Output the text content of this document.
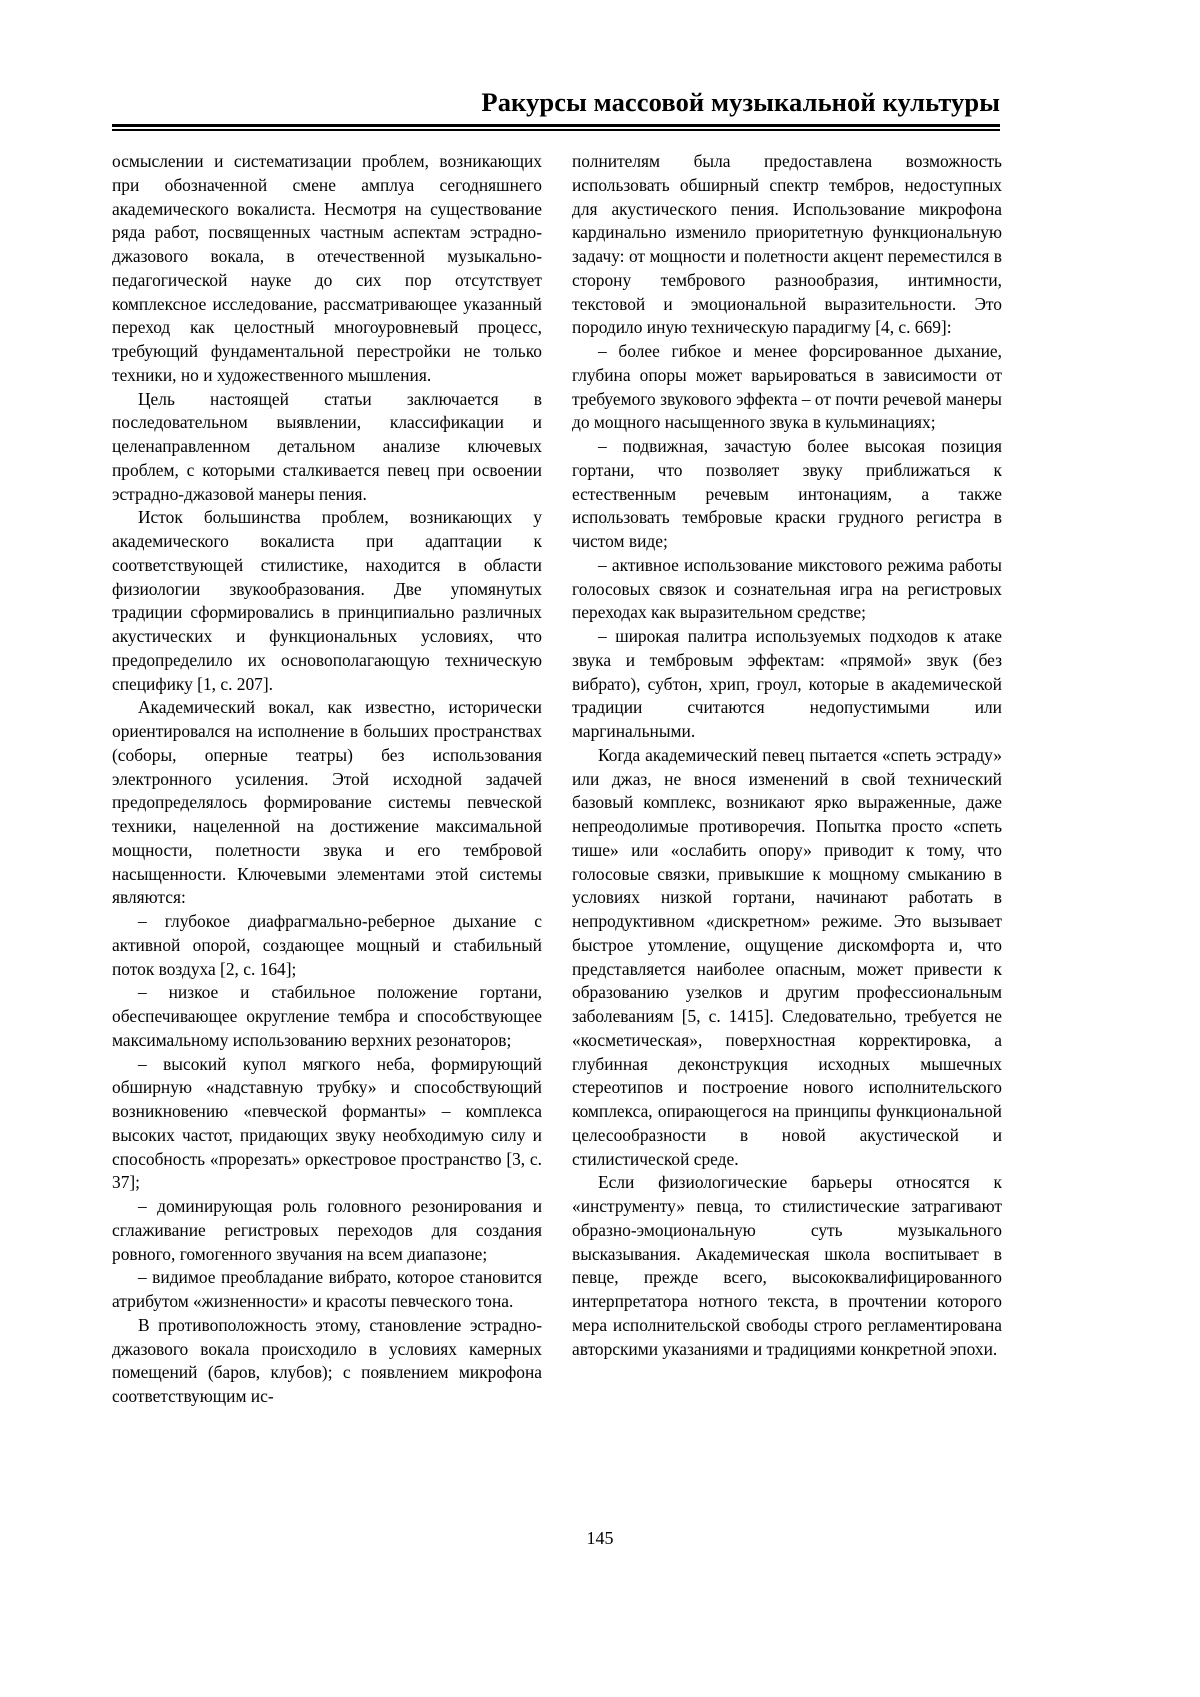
Ракурсы массовой музыкальной культуры

осмыслении и систематизации проблем, возникающих при обозначенной смене амплуа сегодняшнего академического вокалиста. Несмотря на существование ряда работ, посвященных частным аспектам эстрадно-джазового вокала, в отечественной музыкально-педагогической науке до сих пор отсутствует комплексное исследование, рассматривающее указанный переход как целостный многоуровневый процесс, требующий фундаментальной перестройки не только техники, но и художественного мышления.

Цель настоящей статьи заключается в последовательном выявлении, классификации и целенаправленном детальном анализе ключевых проблем, с которыми сталкивается певец при освоении эстрадно-джазовой манеры пения.

Исток большинства проблем, возникающих у академического вокалиста при адаптации к соответствующей стилистике, находится в области физиологии звукообразования. Две упомянутых традиции сформировались в принципиально различных акустических и функциональных условиях, что предопределило их основополагающую техническую специфику [1, с. 207].

Академический вокал, как известно, исторически ориентировался на исполнение в больших пространствах (соборы, оперные театры) без использования электронного усиления. Этой исходной задачей предопределялось формирование системы певческой техники, нацеленной на достижение максимальной мощности, полетности звука и его тембровой насыщенности. Ключевыми элементами этой системы являются:

– глубокое диафрагмально-реберное дыхание с активной опорой, создающее мощный и стабильный поток воздуха [2, с. 164];

– низкое и стабильное положение гортани, обеспечивающее округление тембра и способствующее максимальному использованию верхних резонаторов;

– высокий купол мягкого неба, формирующий обширную «надставную трубку» и способствующий возникновению «певческой форманты» – комплекса высоких частот, придающих звуку необходимую силу и способность «прорезать» оркестровое пространство [3, с. 37];

– доминирующая роль головного резонирования и сглаживание регистровых переходов для создания ровного, гомогенного звучания на всем диапазоне;

– видимое преобладание вибрато, которое становится атрибутом «жизненности» и красоты певческого тона.

В противоположность этому, становление эстрадно-джазового вокала происходило в условиях камерных помещений (баров, клубов); с появлением микрофона соответствующим ис-

полнителям была предоставлена возможность использовать обширный спектр тембров, недоступных для акустического пения. Использование микрофона кардинально изменило приоритетную функциональную задачу: от мощности и полетности акцент переместился в сторону тембрового разнообразия, интимности, текстовой и эмоциональной выразительности. Это породило иную техническую парадигму [4, с. 669]:

– более гибкое и менее форсированное дыхание, глубина опоры может варьироваться в зависимости от требуемого звукового эффекта – от почти речевой манеры до мощного насыщенного звука в кульминациях;

– подвижная, зачастую более высокая позиция гортани, что позволяет звуку приближаться к естественным речевым интонациям, а также использовать тембровые краски грудного регистра в чистом виде;

– активное использование микстового режима работы голосовых связок и сознательная игра на регистровых переходах как выразительном средстве;

– широкая палитра используемых подходов к атаке звука и тембровым эффектам: «прямой» звук (без вибрато), субтон, хрип, гроул, которые в академической традиции считаются недопустимыми или маргинальными.

Когда академический певец пытается «спеть эстраду» или джаз, не внося изменений в свой технический базовый комплекс, возникают ярко выраженные, даже непреодолимые противоречия. Попытка просто «спеть тише» или «ослабить опору» приводит к тому, что голосовые связки, привыкшие к мощному смыканию в условиях низкой гортани, начинают работать в непродуктивном «дискретном» режиме. Это вызывает быстрое утомление, ощущение дискомфорта и, что представляется наиболее опасным, может привести к образованию узелков и другим профессиональным заболеваниям [5, с. 1415]. Следовательно, требуется не «косметическая», поверхностная корректировка, а глубинная деконструкция исходных мышечных стереотипов и построение нового исполнительского комплекса, опирающегося на принципы функциональной целесообразности в новой акустической и стилистической среде.

Если физиологические барьеры относятся к «инструменту» певца, то стилистические затрагивают образно-эмоциональную суть музыкального высказывания. Академическая школа воспитывает в певце, прежде всего, высококвалифицированного интерпретатора нотного текста, в прочтении которого мера исполнительской свободы строго регламентирована авторскими указаниями и традициями конкретной эпохи.

145
